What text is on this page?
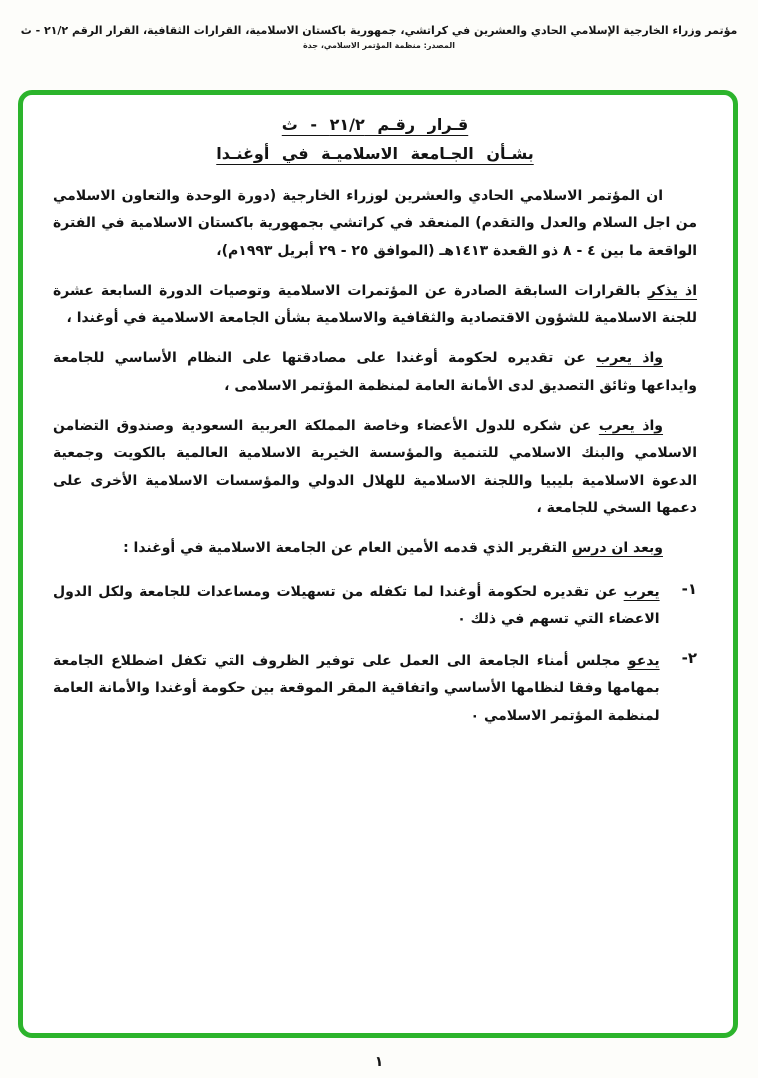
مؤتمر وزراء الخارجية الإسلامي الحادي والعشرين في كراتشي، جمهورية باكستان الاسلامية، القرارات الثقافية، القرار الرقم ٢١/٢ - ث
المصدر: منظمة المؤتمر الاسلامي، جدة
قـرار رقـم ٢١/٢ - ث
بشـأن الجـامعة الاسلاميـة في أوغنـدا

ان المؤتمر الاسلامي الحادي والعشرين لوزراء الخارجية (دورة الوحدة والتعاون الاسلامي من اجل السلام والعدل والتقدم) المنعقد في كراتشي بجمهورية باكستان الاسلامية في الفترة الواقعة ما بين ٤ - ٨ ذو القعدة ١٤١٣هـ (الموافق ٢٥ - ٢٩ أبريل ١٩٩٣م)،

اذ يذكر بالقرارات السابقة الصادرة عن المؤتمرات الاسلامية وتوصيات الدورة السابعة عشرة للجنة الاسلامية للشؤون الاقتصادية والثقافية والاسلامية بشأن الجامعة الاسلامية في أوغندا ،

واذ يعرب عن تقديره لحكومة أوغندا على مصادقتها على النظام الأساسي للجامعة وايداعها وثائق التصديق لدى الأمانة العامة لمنظمة المؤتمر الاسلامى ،

واذ يعرب عن شكره للدول الأعضاء وخاصة المملكة العربية السعودية وصندوق التضامن الاسلامي والبنك الاسلامي للتنمية والمؤسسة الخيرية الاسلامية العالمية بالكويت وجمعية الدعوة الاسلامية بليبيا واللجنة الاسلامية للهلال الدولي والمؤسسات الاسلامية الأخرى على دعمها السخي للجامعة ،

وبعد ان درس التقرير الذي قدمه الأمين العام عن الجامعة الاسلامية في أوغندا :

١-

يعرب عن تقديره لحكومة أوغندا لما تكفله من تسهيلات ومساعدات للجامعة ولكل الدول الاعضاء التي تسهم في ذلك ٠

٢-

يدعو مجلس أمناء الجامعة الى العمل على توفير الظروف التي تكفل اضطلاع الجامعة بمهامها وفقا لنظامها الأساسي واتفاقية المقر الموقعة بين حكومة أوغندا والأمانة العامة لمنظمة المؤتمر الاسلامي ٠

١
